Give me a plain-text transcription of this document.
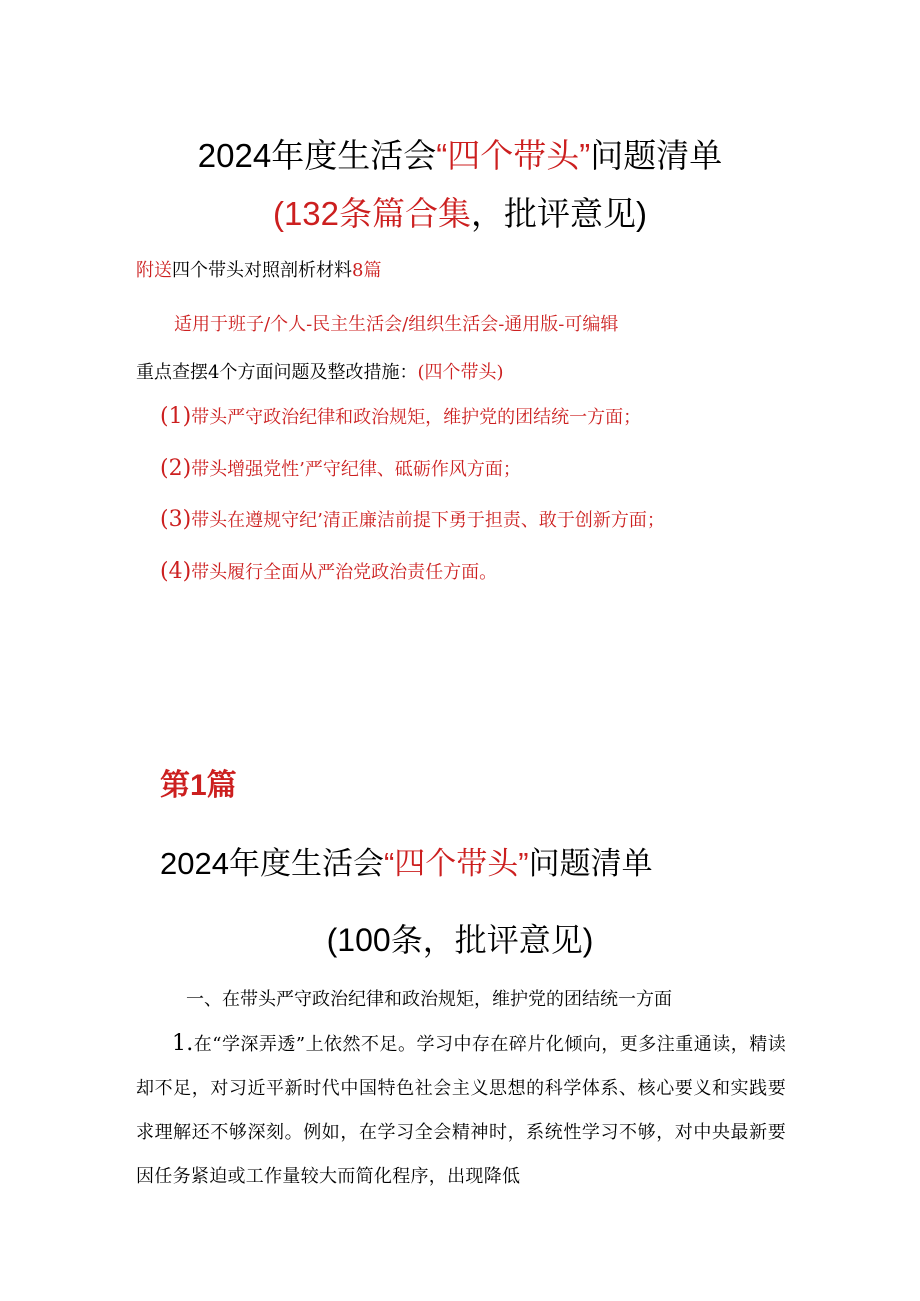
2024年度生活会“四个带头”问题清单
(132条篇合集，批评意见)
附送四个带头对照剖析材料8篇
适用于班子/个人-民主生活会/组织生活会-通用版-可编辑
重点查摆4个方面问题及整改措施：(四个带头)
(1)带头严守政治纪律和政治规矩，维护党的团结统一方面；
(2)带头增强党性’严守纪律、砥砺作风方面；
(3)带头在遵规守纪’清正廉洁前提下勇于担责、敢于创新方面；
(4)带头履行全面从严治党政治责任方面。
第1篇
2024年度生活会“四个带头”问题清单
(100条，批评意见)
一、在带头严守政治纪律和政治规矩，维护党的团结统一方面

1.在“学深弄透”上依然不足。学习中存在碎片化倾向，更多注重通读，精读却不足，对习近平新时代中国特色社会主义思想的科学体系、核心要义和实践要求理解还不够深刻。例如，在学习全会精神时，系统性学习不够，对中央最新要因任务紧迫或工作量较大而简化程序，出现降低
